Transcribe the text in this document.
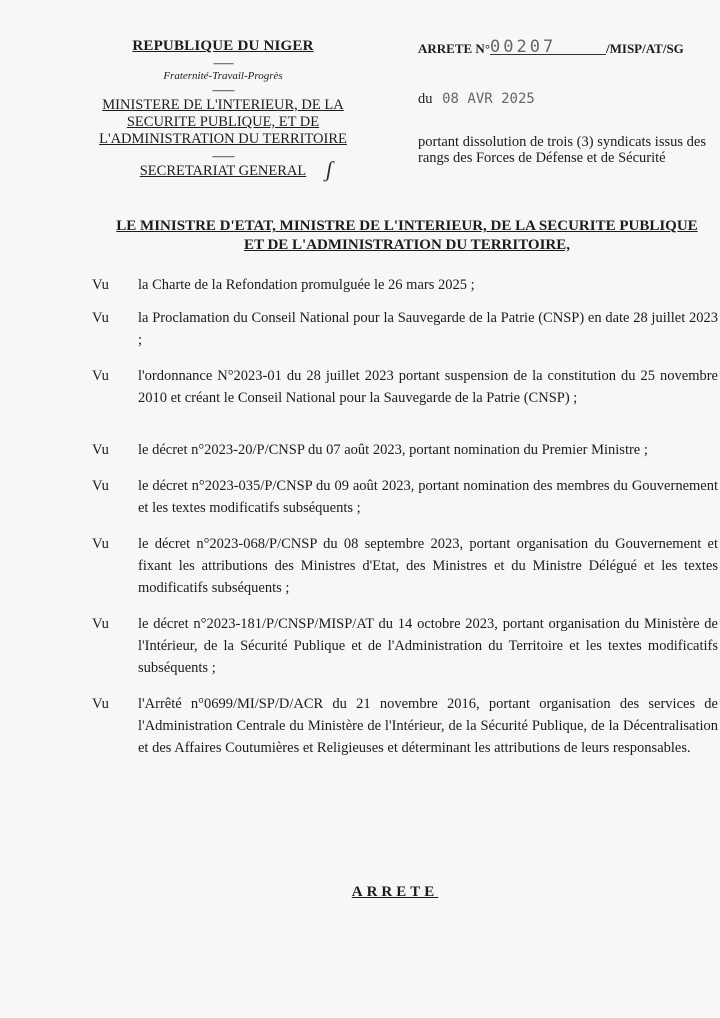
REPUBLIQUE DU NIGER
----------
Fraternité-Travail-Progrès
-----------
MINISTERE DE L'INTERIEUR, DE LA
SECURITE PUBLIQUE, ET DE
L'ADMINISTRATION DU TERRITOIRE
-----------
SECRETARIAT GENERAL ʃ
ARRETE N°00207	/MISP/AT/SG
du 08 AVR 2025
portant dissolution de trois (3) syndicats issus des rangs des Forces de Défense et de Sécurité
LE MINISTRE D'ETAT, MINISTRE DE L'INTERIEUR, DE LA SECURITE PUBLIQUE ET DE L'ADMINISTRATION DU TERRITOIRE,
Vu	la Charte de la Refondation promulguée le 26 mars 2025 ;
Vu	la Proclamation du Conseil National pour la Sauvegarde de la Patrie (CNSP) en date 28 juillet 2023 ;
Vu	l'ordonnance N°2023-01 du 28 juillet 2023 portant suspension de la constitution du 25 novembre 2010 et créant le Conseil National pour la Sauvegarde de la Patrie (CNSP) ;
Vu	le décret n°2023-20/P/CNSP du 07 août 2023, portant nomination du Premier Ministre ;
Vu	le décret n°2023-035/P/CNSP du 09 août 2023, portant nomination des membres du Gouvernement et les textes modificatifs subséquents ;
Vu	le décret n°2023-068/P/CNSP du 08 septembre 2023, portant organisation du Gouvernement et fixant les attributions des Ministres d'Etat, des Ministres et du Ministre Délégué et les textes modificatifs subséquents ;
Vu	le décret n°2023-181/P/CNSP/MISP/AT du 14 octobre 2023, portant organisation du Ministère de l'Intérieur, de la Sécurité Publique et de l'Administration du Territoire et les textes modificatifs subséquents ;
Vu	l'Arrêté n°0699/MI/SP/D/ACR du 21 novembre 2016, portant organisation des services de l'Administration Centrale du Ministère de l'Intérieur, de la Sécurité Publique, de la Décentralisation et des Affaires Coutumières et Religieuses et déterminant les attributions de leurs responsables.
ARRETE
